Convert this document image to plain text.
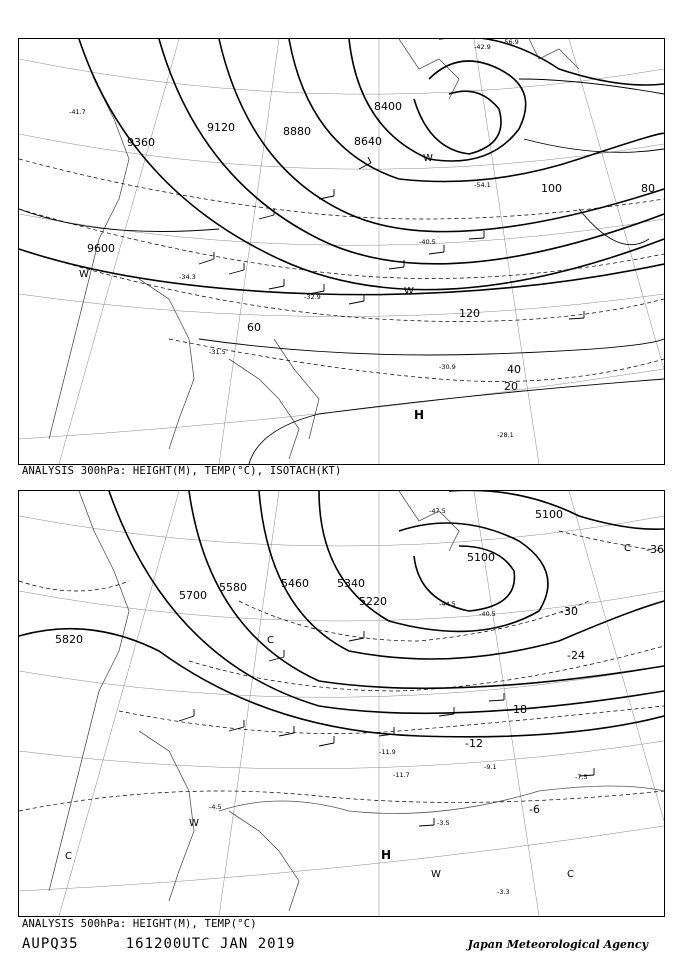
9600
9360
9120	8880
8640
8400
20
40
60
80
100
120
-30.9
-31.5
-32.9
-34.3
-40.5
-41.7
-42.9
-56.9
-54.1
-28.1
H
W
W
W
ANALYSIS 300hPa: HEIGHT(M), TEMP(°C), ISOTACH(KT)
5820
5700
5580	5460	5340
5220
5100
5100
-36
-30
-24
-18
-12
-6
-3.3
-3.5
-4.5
-7.5
-9.1
-11.7
-11.9
-40.5
-44.5
-47.5
H
W
W	C
C
C
C
ANALYSIS 500hPa: HEIGHT(M), TEMP(°C)
AUPQ35	161200UTC JAN 2019	Japan Meteorological Agency
